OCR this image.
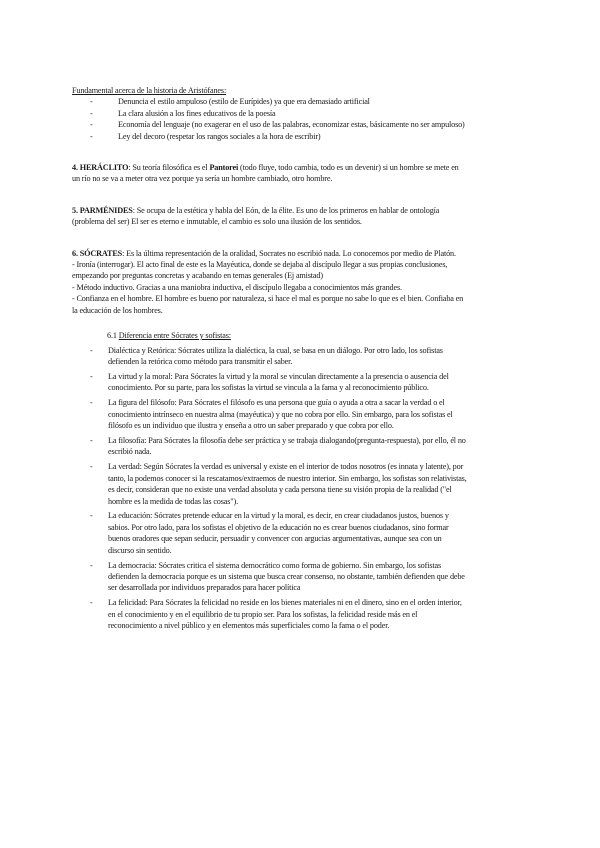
Fundamental acerca de la historia de Aristófanes:
-	Denuncia el estilo ampuloso (estilo de Eurípides) ya que era demasiado artificial
-	La clara alusión a los fines educativos de la poesía
-	Economía del lenguaje (no exagerar en el uso de las palabras, economizar estas, básicamente no ser ampuloso)
-	Ley del decoro (respetar los rangos sociales a la hora de escribir)
4. HERÁCLITO: Su teoría filosófica es el Pantorei (todo fluye, todo cambia, todo es un devenir) si un hombre se mete en
un río no se va a meter otra vez porque ya sería un hombre cambiado, otro hombre.
5. PARMÉNIDES: Se ocupa de la estética y habla del Eón, de la élite. Es uno de los primeros en hablar de ontología
(problema del ser) El ser es eterno e inmutable, el cambio es solo una ilusión de los sentidos.
6. SÓCRATES: Es la última representación de la oralidad, Socrates no escribió nada. Lo conocemos por medio de Platón.
- Ironía (interrogar). El acto final de este es la Mayéutica, donde se dejaba al discípulo llegar a sus propias conclusiones,
empezando por preguntas concretas y acabando en temas generales (Ej amistad)
- Método inductivo. Gracias a una maniobra inductiva, el discípulo llegaba a conocimientos más grandes.
- Confianza en el hombre. El hombre es bueno por naturaleza, si hace el mal es porque no sabe lo que es el bien. Confiaba en
la educación de los hombres.
6.1 Diferencia entre Sócrates y sofistas:
- Dialéctica y Retórica: Sócrates utiliza la dialéctica, la cual, se basa en un diálogo. Por otro lado, los sofistas
defienden la retórica como método para transmitir el saber.
- La virtud y la moral: Para Sócrates la virtud y la moral se vinculan directamente a la presencia o ausencia del
conocimiento. Por su parte, para los sofistas la virtud se vincula a la fama y al reconocimiento público.
- La figura del filósofo: Para Sócrates el filósofo es una persona que guía o ayuda a otra a sacar la verdad o el
conocimiento intrínseco en nuestra alma (mayéutica) y que no cobra por ello. Sin embargo, para los sofistas el
filósofo es un individuo que ilustra y enseña a otro un saber preparado y que cobra por ello.
- La filosofía: Para Sócrates la filosofía debe ser práctica y se trabaja dialogando(pregunta-respuesta), por ello, él no
escribió nada.
- La verdad: Según Sócrates la verdad es universal y existe en el interior de todos nosotros (es innata y latente), por
tanto, la podemos conocer si la rescatamos/extraemos de nuestro interior. Sin embargo, los sofistas son relativistas,
es decir, consideran que no existe una verdad absoluta y cada persona tiene su visión propia de la realidad ("el
hombre es la medida de todas las cosas").
- La educación: Sócrates pretende educar en la virtud y la moral, es decir, en crear ciudadanos justos, buenos y
sabios. Por otro lado, para los sofistas el objetivo de la educación no es crear buenos ciudadanos, sino formar
buenos oradores que sepan seducir, persuadir y convencer con argucias argumentativas, aunque sea con un
discurso sin sentido.
- La democracia: Sócrates critica el sistema democrático como forma de gobierno. Sin embargo, los sofistas
defienden la democracia porque es un sistema que busca crear consenso, no obstante, también defienden que debe
ser desarrollada por individuos preparados para hacer política
- La felicidad: Para Sócrates la felicidad no reside en los bienes materiales ni en el dinero, sino en el orden interior,
en el conocimiento y en el equilibrio de tu propio ser. Para los sofistas, la felicidad reside más en el
reconocimiento a nivel público y en elementos más superficiales como la fama o el poder.
